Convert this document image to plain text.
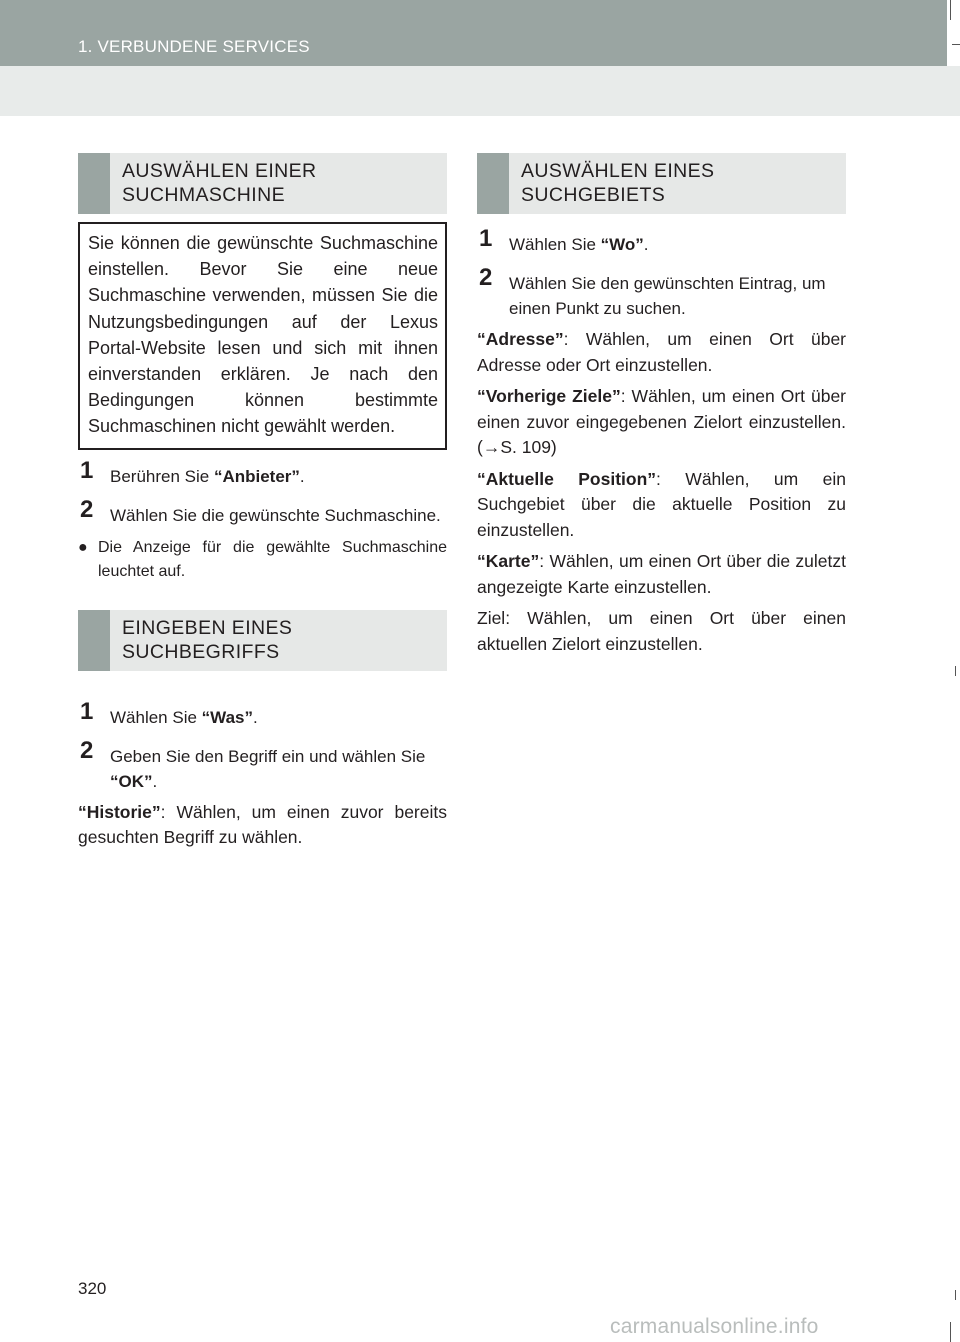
1. VERBUNDENE SERVICES
AUSWÄHLEN EINER
SUCHMASCHINE
Sie können die gewünschte Suchmaschine einstellen. Bevor Sie eine neue Suchmaschine verwenden, müssen Sie die Nutzungsbedingungen auf der Lexus Portal-Website lesen und sich mit ihnen einverstanden erklären. Je nach den Bedingungen können bestimmte Suchmaschinen nicht gewählt werden.
1 Berühren Sie “Anbieter”.
2 Wählen Sie die gewünschte Suchmaschine.
● Die Anzeige für die gewählte Suchmaschine leuchtet auf.
EINGEBEN EINES
SUCHBEGRIFFS
1 Wählen Sie “Was”.
2 Geben Sie den Begriff ein und wählen Sie “OK”.
“Historie”: Wählen, um einen zuvor bereits gesuchten Begriff zu wählen.
AUSWÄHLEN EINES
SUCHGEBIETS
1 Wählen Sie “Wo”.
2 Wählen Sie den gewünschten Eintrag, um einen Punkt zu suchen.
“Adresse”: Wählen, um einen Ort über Adresse oder Ort einzustellen.
“Vorherige Ziele”: Wählen, um einen Ort über einen zuvor eingegebenen Zielort einzustellen. (→S. 109)
“Aktuelle Position”: Wählen, um ein Suchgebiet über die aktuelle Position zu einzustellen.
“Karte”: Wählen, um einen Ort über die zuletzt angezeigte Karte einzustellen.
Ziel: Wählen, um einen Ort über einen aktuellen Zielort einzustellen.
320
carmanualsonline.info
